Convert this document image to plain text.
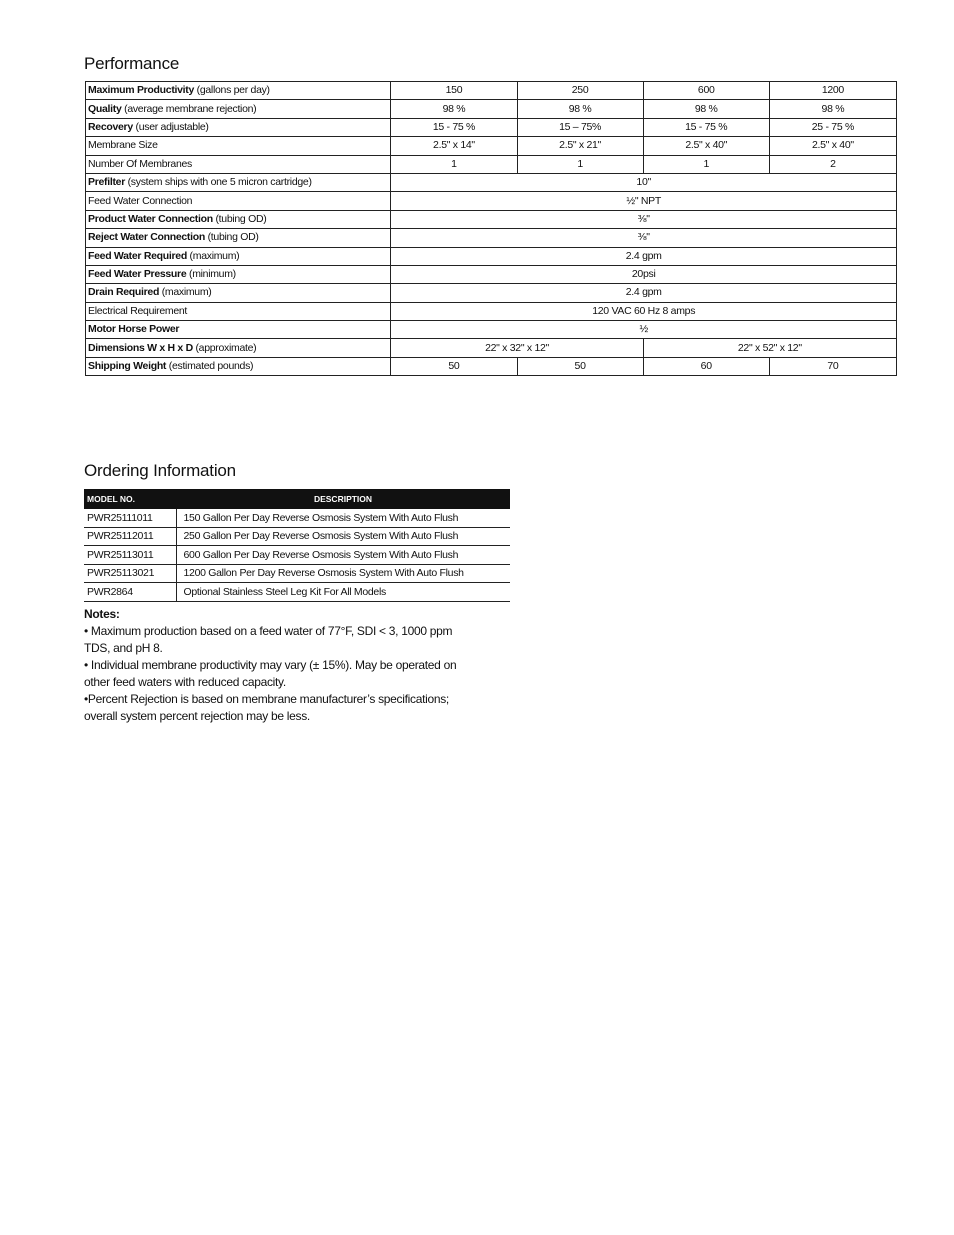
Performance
Maximum Productivity (gallons per day)	150	250	600	1200
Quality (average membrane rejection)	98 %	98 %	98 %	98 %
Recovery (user adjustable)	15 - 75 %	15 – 75%	15 - 75 %	25 - 75 %
Membrane Size	2.5" x 14"	2.5" x 21"	2.5" x 40"	2.5" x 40"
Number Of Membranes	1	1	1	2
Prefilter (system ships with one 5 micron cartridge)	10"			
Feed Water Connection	½" NPT			
Product Water Connection (tubing OD)	⅜"			
Reject Water Connection (tubing OD)	⅜"			
Feed Water Required (maximum)	2.4 gpm			
Feed Water Pressure (minimum)	20psi			
Drain Required (maximum)	2.4 gpm			
Electrical Requirement	120 VAC 60 Hz 8 amps			
Motor Horse Power	½			
Dimensions W x H x D (approximate)	22" x 32" x 12"		22" x 52" x 12"	
Shipping Weight (estimated pounds)	50	50	60	70
Ordering Information
MODEL NO.	DESCRIPTION
PWR25111011	150 Gallon Per Day Reverse Osmosis System With Auto Flush
PWR25112011	250 Gallon Per Day Reverse Osmosis System With Auto Flush
PWR25113011	600 Gallon Per Day Reverse Osmosis System With Auto Flush
PWR25113021	1200 Gallon Per Day Reverse Osmosis System With Auto Flush
PWR2864	Optional Stainless Steel Leg Kit For All Models
Notes:
• Maximum production based on a feed water of 77°F, SDI < 3, 1000 ppm
TDS, and pH 8.
• Individual membrane productivity may vary (± 15%). May be operated on
other feed waters with reduced capacity.
•Percent Rejection is based on membrane manufacturer’s specifications;
overall system percent rejection may be less.
